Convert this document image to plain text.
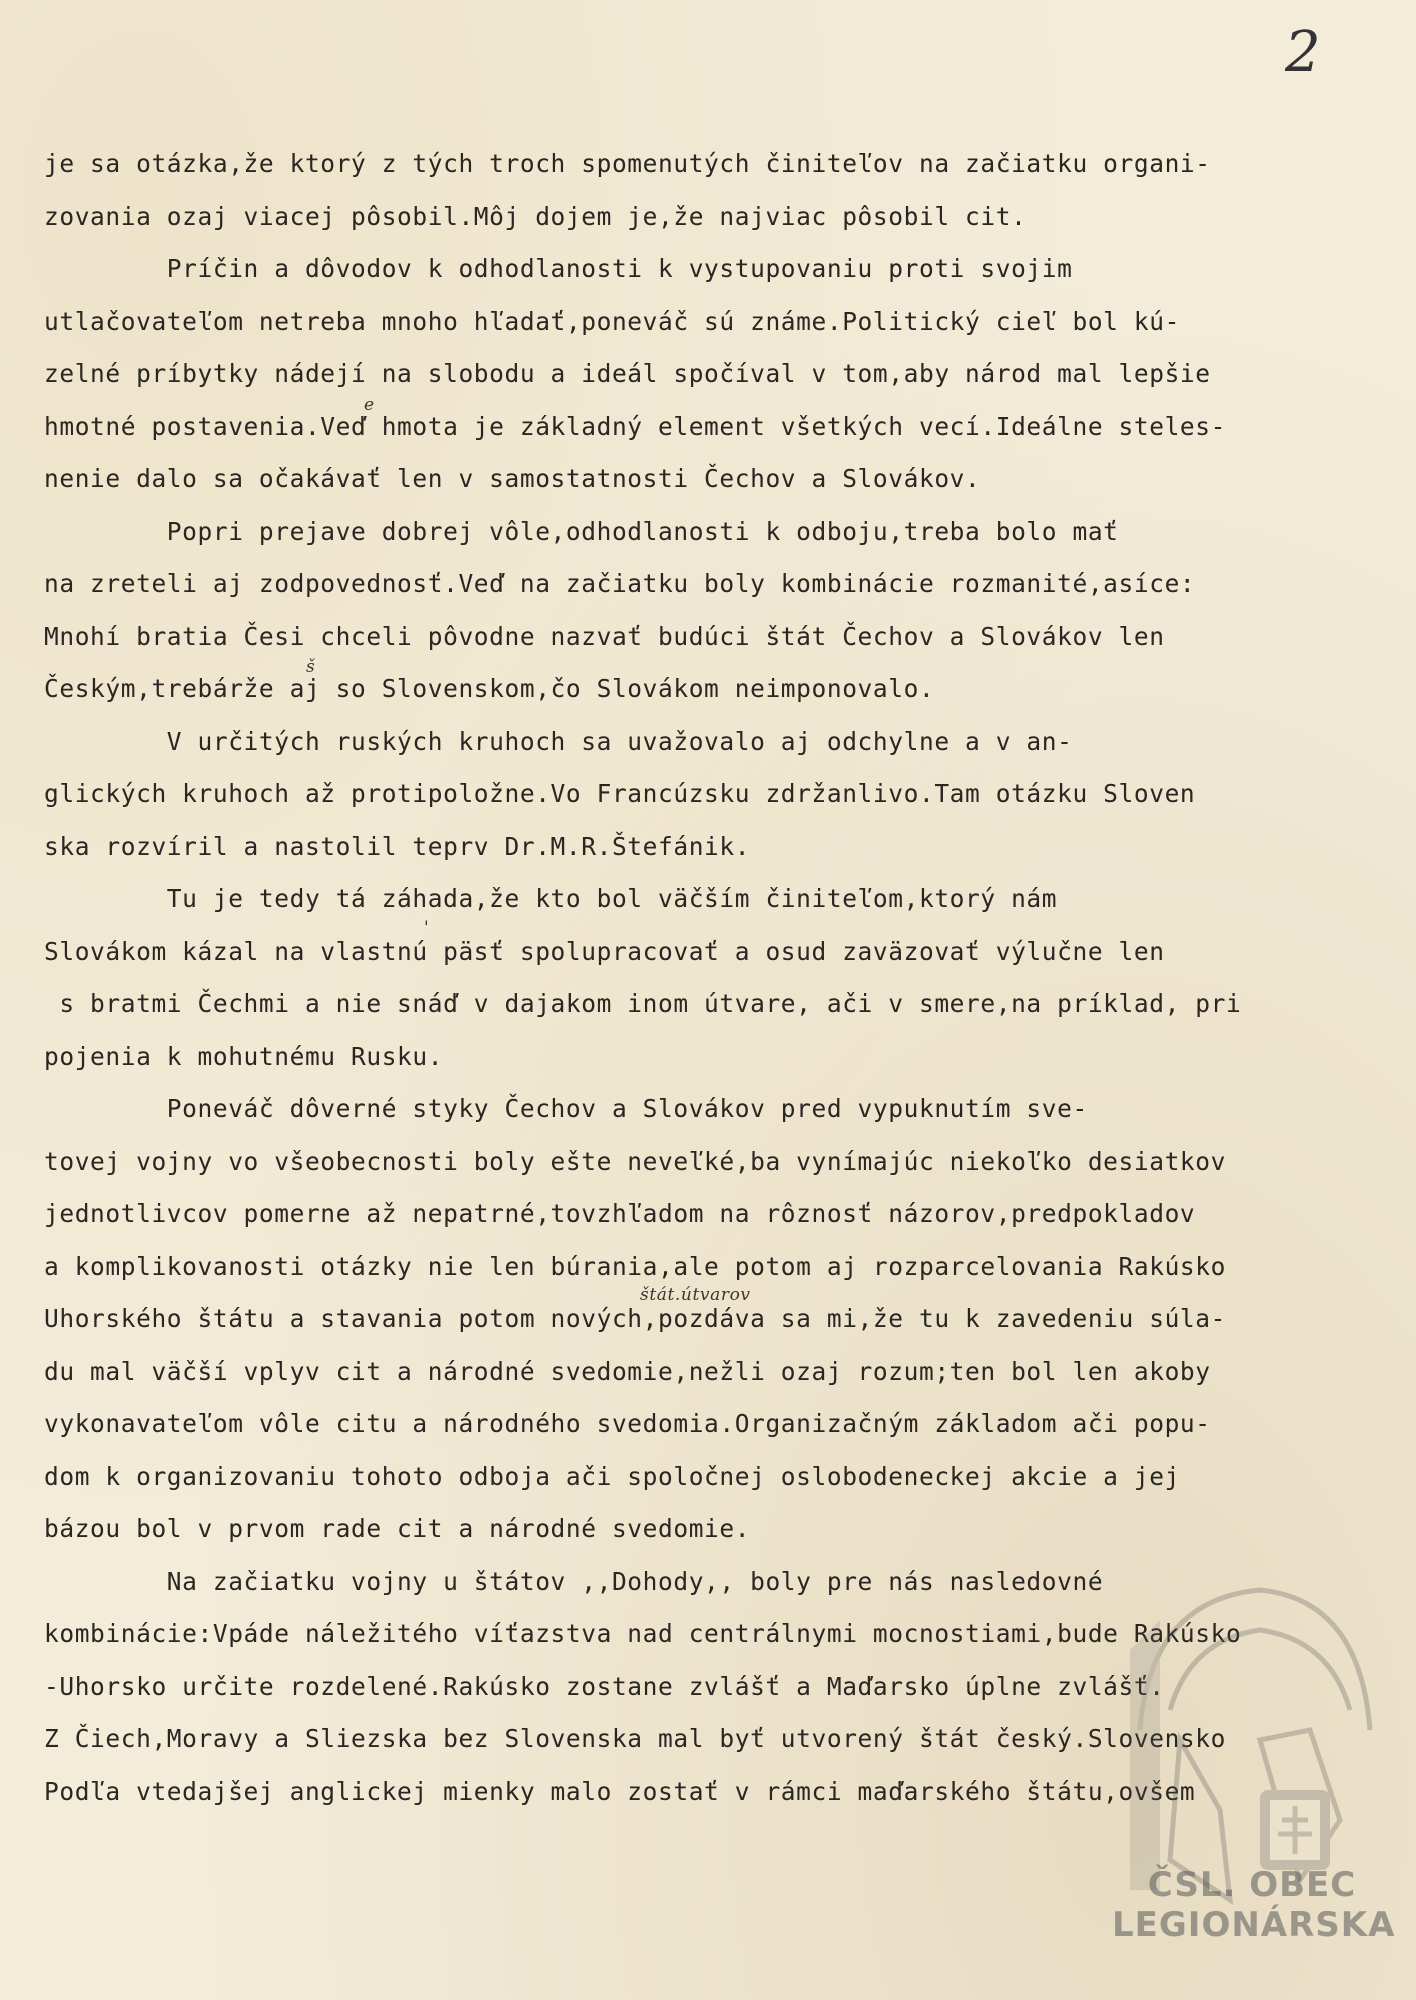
2
je sa otázka,že ktorý z tých troch spomenutých činiteľov na začiatku organi-
zovania ozaj viacej pôsobil.Môj dojem je,že najviac pôsobil cit.
Príčin a dôvodov k odhodlanosti k vystupovaniu proti svojim
utlačovateľom netreba mnoho hľadať,poneváč sú známe.Politický cieľ bol kú-
zelné príbytky nádejí na slobodu a ideál spočíval v tom,aby národ mal lepšie
hmotné postavenia.Veď hmota je základný element všetkých vecí.Ideálne steles-

e

nenie dalo sa očakávať len v samostatnosti Čechov a Slovákov.
Popri prejave dobrej vôle,odhodlanosti k odboju,treba bolo mať
na zreteli aj zodpovednosť.Veď na začiatku boly kombinácie rozmanité,asíce:
Mnohí bratia Česi chceli pôvodne nazvať budúci štát Čechov a Slovákov len
Českým,trebárže aj so Slovenskom,čo Slovákom neimponovalo.

š

V určitých ruských kruhoch sa uvažovalo aj odchylne a v an-
glických kruhoch až protipoložne.Vo Francúzsku zdržanlivo.Tam otázku Sloven
ska rozvíril a nastolil teprv Dr.M.R.Štefánik.
Tu je tedy tá záhada,že kto bol väčším činiteľom,ktorý nám
Slovákom kázal na vlastnú päsť spolupracovať a osud zaväzovať výlučne len

'

s bratmi Čechmi a nie snáď v dajakom inom útvare, ači v smere,na príklad, pri
pojenia k mohutnému Rusku.
Poneváč dôverné styky Čechov a Slovákov pred vypuknutím sve-
tovej vojny vo všeobecnosti boly ešte neveľké,ba vynímajúc niekoľko desiatkov
jednotlivcov pomerne až nepatrné,tovzhľadom na rôznosť názorov,predpokladov
a komplikovanosti otázky nie len búrania,ale potom aj rozparcelovania Rakúsko
Uhorského štátu a stavania potom nových,pozdáva sa mi,že tu k zavedeniu súla-

štát.útvarov

du mal väčší vplyv cit a národné svedomie,nežli ozaj rozum;ten bol len akoby
vykonavateľom vôle citu a národného svedomia.Organizačným základom ači popu-
dom k organizovaniu tohoto odboja ači spoločnej oslobodeneckej akcie a jej
bázou bol v prvom rade cit a národné svedomie.
Na začiatku vojny u štátov ,,Dohody,, boly pre nás nasledovné
kombinácie:Vpáde náležitého víťazstva nad centrálnymi mocnostiami,bude Rakúsko
-Uhorsko určite rozdelené.Rakúsko zostane zvlášť a Maďarsko úplne zvlášť.
Z Čiech,Moravy a Sliezska bez Slovenska mal byť utvorený štát český.Slovensko
Podľa vtedajšej anglickej mienky malo zostať v rámci maďarského štátu,ovšem
ČSL. OBEC
LEGIONÁRSKA
